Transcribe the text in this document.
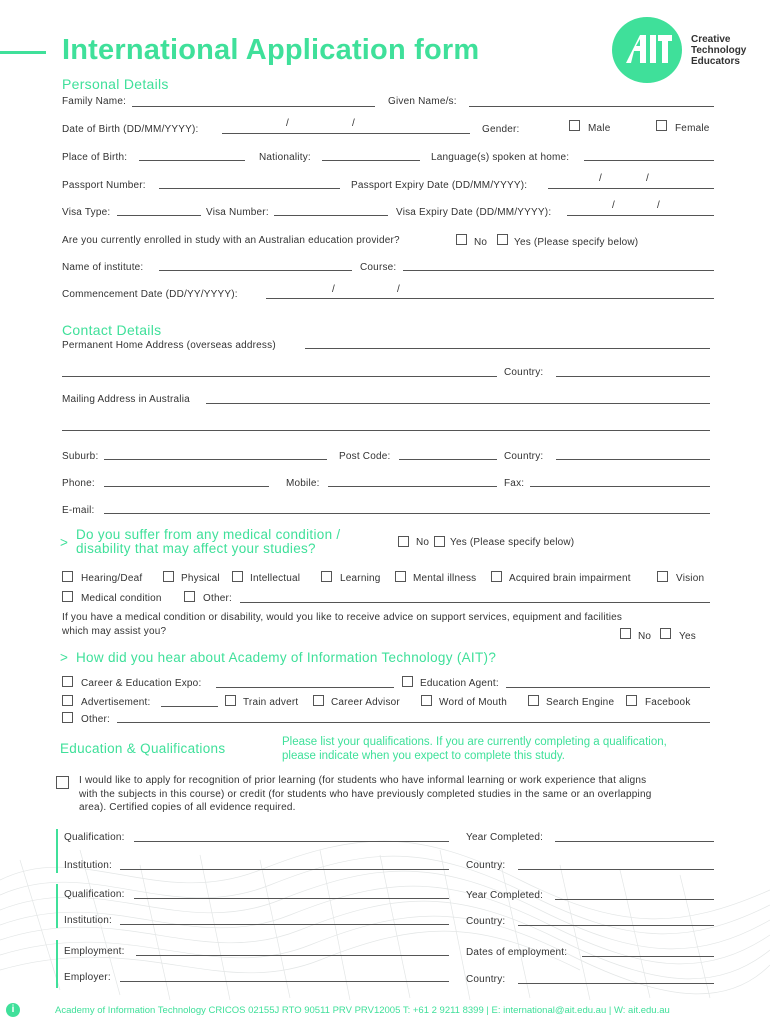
International Application form	Creative
Technology
Educators
Personal Details
Family Name:	Given Name/s:
Date of Birth (DD/MM/YYYY):
/	/
Gender:	Male	Female
Place of Birth:	Nationality:	Language(s) spoken at home:
Passport Number:	Passport Expiry Date (DD/MM/YYYY):
/	/
Visa Type:	Visa Number:	Visa Expiry Date (DD/MM/YYYY):
/	/
Are you currently enrolled in study with an Australian education provider?	No	Yes (Please specify below)
Name of institute:	Course:
Commencement Date (DD/YY/YYYY):	/	/
Contact Details
Permanent Home Address (overseas address)
Country:
Mailing Address in Australia
Suburb:	Post Code:	Country:
Phone:	Mobile:	Fax:
E-mail:
>
Do you suffer from any medical condition /
disability that may affect your studies?	No Yes (Please specify below)
Hearing/Deaf	Physical	Intellectual	Learning	Mental illness	Acquired brain impairment	Vision
Medical condition	Other:
If you have a medical condition or disability, would you like to receive advice on support services, equipment and facilities
which may assist you?	No	Yes
> How did you hear about Academy of Information Technology (AIT)?
Career & Education Expo:	Education Agent:
Advertisement:	Train advert	Career Advisor	Word of Mouth	Search Engine	Facebook
Other:
Education & Qualifications	Please list your qualifications. If you are currently completing a qualification,
please indicate when you expect to complete this study.
I would like to apply for recognition of prior learning (for students who have informal learning or work experience that aligns
with the subjects in this course) or credit (for students who have previously completed studies in the same or an overlapping
area). Certified copies of all evidence required.
Qualification:	Year Completed:
Institution:	Country:
Qualification:	Year Completed:
Institution:	Country:
Employment:	Dates of employment:
Employer:	Country:
i	Academy of Information Technology CRICOS 02155J RTO 90511 PRV PRV12005 T: +61 2 9211 8399 | E: international@ait.edu.au | W: ait.edu.au
